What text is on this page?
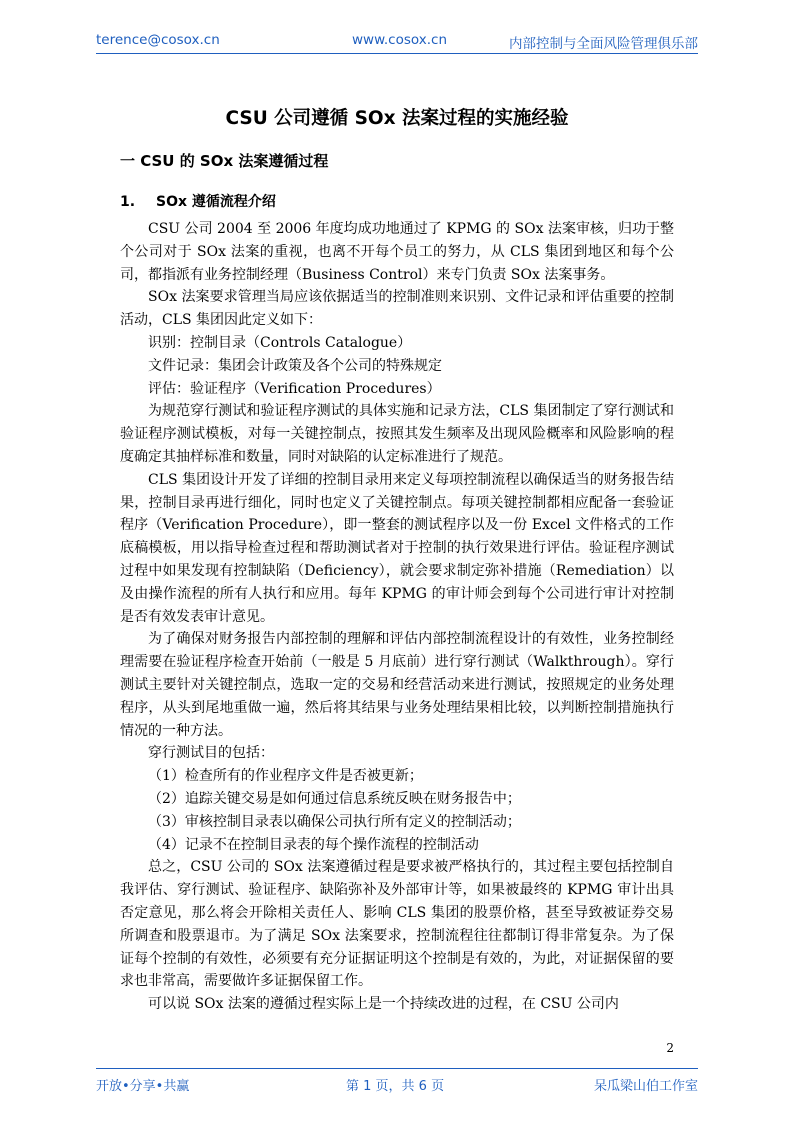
terence@cosox.cn	www.cosox.cn	内部控制与全面风险管理俱乐部
CSU 公司遵循 SOx 法案过程的实施经验
一 CSU 的 SOx 法案遵循过程
1. SOx 遵循流程介绍

CSU 公司 2004 至 2006 年度均成功地通过了 KPMG 的 SOx 法案审核，归功于整个公司对于 SOx 法案的重视，也离不开每个员工的努力，从 CLS 集团到地区和每个公司，都指派有业务控制经理（Business Control）来专门负责 SOx 法案事务。

SOx 法案要求管理当局应该依据适当的控制准则来识别、文件记录和评估重要的控制活动，CLS 集团因此定义如下：

识别：控制目录（Controls Catalogue）

文件记录：集团会计政策及各个公司的特殊规定

评估：验证程序（Verification Procedures）

为规范穿行测试和验证程序测试的具体实施和记录方法，CLS 集团制定了穿行测试和验证程序测试模板，对每一关键控制点，按照其发生频率及出现风险概率和风险影响的程度确定其抽样标准和数量，同时对缺陷的认定标准进行了规范。

CLS 集团设计开发了详细的控制目录用来定义每项控制流程以确保适当的财务报告结果，控制目录再进行细化，同时也定义了关键控制点。每项关键控制都相应配备一套验证程序（Verification Procedure），即一整套的测试程序以及一份 Excel 文件格式的工作底稿模板，用以指导检查过程和帮助测试者对于控制的执行效果进行评估。验证程序测试过程中如果发现有控制缺陷（Deficiency），就会要求制定弥补措施（Remediation）以及由操作流程的所有人执行和应用。每年 KPMG 的审计师会到每个公司进行审计对控制是否有效发表审计意见。

为了确保对财务报告内部控制的理解和评估内部控制流程设计的有效性，业务控制经理需要在验证程序检查开始前（一般是 5 月底前）进行穿行测试（Walkthrough）。穿行测试主要针对关键控制点，选取一定的交易和经营活动来进行测试，按照规定的业务处理程序，从头到尾地重做一遍，然后将其结果与业务处理结果相比较，以判断控制措施执行情况的一种方法。

穿行测试目的包括：

（1）检查所有的作业程序文件是否被更新；

（2）追踪关键交易是如何通过信息系统反映在财务报告中；

（3）审核控制目录表以确保公司执行所有定义的控制活动；

（4）记录不在控制目录表的每个操作流程的控制活动

总之，CSU 公司的 SOx 法案遵循过程是要求被严格执行的，其过程主要包括控制自我评估、穿行测试、验证程序、缺陷弥补及外部审计等，如果被最终的 KPMG 审计出具否定意见，那么将会开除相关责任人、影响 CLS 集团的股票价格，甚至导致被证券交易所调查和股票退市。为了满足 SOx 法案要求，控制流程往往都制订得非常复杂。为了保证每个控制的有效性，必须要有充分证据证明这个控制是有效的，为此，对证据保留的要求也非常高，需要做许多证据保留工作。

可以说 SOx 法案的遵循过程实际上是一个持续改进的过程，在 CSU 公司内

2
开放•分享•共赢	第 1 页，共 6 页	呆瓜梁山伯工作室
